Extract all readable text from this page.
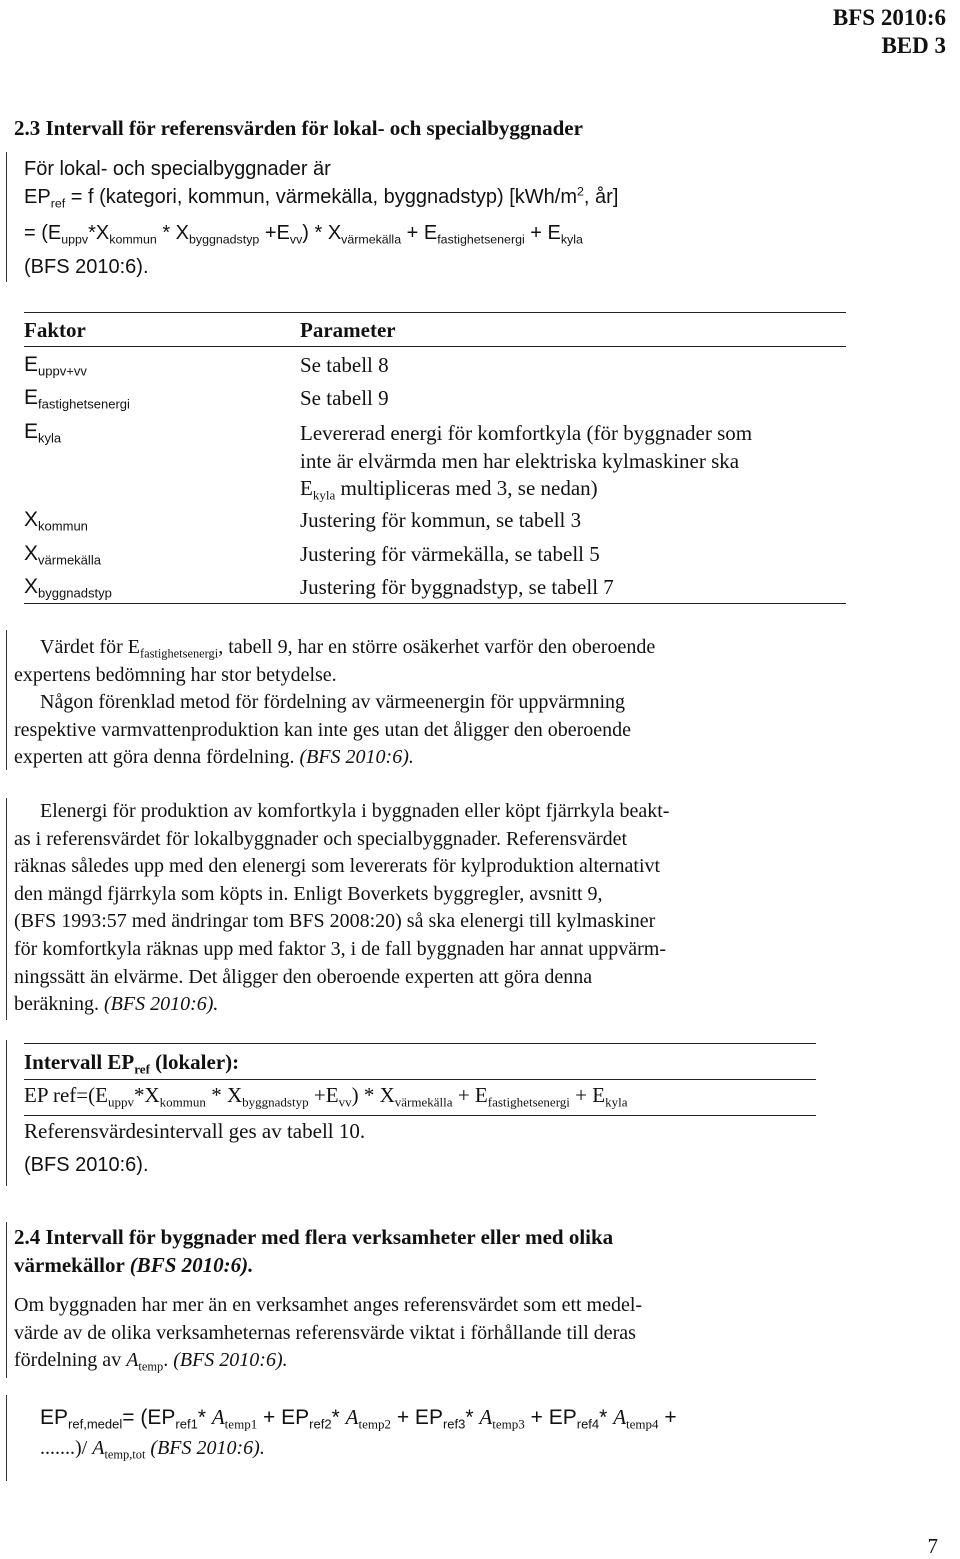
BFS 2010:6
BED 3
2.3 Intervall för referensvärden för lokal- och specialbyggnader
För lokal- och specialbyggnader är
$EP_{ref} = f$ (kategori, kommun, värmekälla, byggnadstyp) [$kWh/m^2$, år]
= $(E_{uppv}*X_{kommun} * X_{byggnadstyp} +E_{vv}) * X_{värmekälla} + E_{fastighetsenergi} + E_{kyla}$
(BFS 2010:6).
Faktor	Parameter
$E_{uppv+vv}$	Se tabell 8
$E_{fastighetsenergi}$	Se tabell 9
$E_{kyla}$	Levererad energi för komfortkyla (för byggnader som
inte är elvärmda men har elektriska kylmaskiner ska
$E_{kyla}$ multipliceras med 3, se nedan)
$X_{kommun}$	Justering för kommun, se tabell 3
$X_{värmekälla}$	Justering för värmekälla, se tabell 5
$X_{byggnadstyp}$	Justering för byggnadstyp, se tabell 7
Värdet för $E_{fastighetsenergi}$, tabell 9, har en större osäkerhet varför den oberoende
expertens bedömning har stor betydelse.
Någon förenklad metod för fördelning av värmeenergin för uppvärmning
respektive varmvattenproduktion kan inte ges utan det åligger den oberoende
experten att göra denna fördelning. (BFS 2010:6).
Elenergi för produktion av komfortkyla i byggnaden eller köpt fjärrkyla beakt-
as i referensvärdet för lokalbyggnader och specialbyggnader. Referensvärdet
räknas således upp med den elenergi som levererats för kylproduktion alternativt
den mängd fjärrkyla som köpts in. Enligt Boverkets byggregler, avsnitt 9,
(BFS 1993:57 med ändringar tom BFS 2008:20) så ska elenergi till kylmaskiner
för komfortkyla räknas upp med faktor 3, i de fall byggnaden har annat uppvärm-
ningssätt än elvärme. Det åligger den oberoende experten att göra denna
beräkning. (BFS 2010:6).
Intervall $EP_{ref}$ (lokaler):
EP $ref=(E_{uppv}*X_{kommun} * X_{byggnadstyp} +E_{vv}) * X_{värmekälla} + E_{fastighetsenergi} + E_{kyla}$
Referensvärdesintervall ges av tabell 10.
(BFS 2010:6).
2.4 Intervall för byggnader med flera verksamheter eller med olika
värmekällor (BFS 2010:6).
Om byggnaden har mer än en verksamhet anges referensvärdet som ett medel-
värde av de olika verksamheternas referensvärde viktat i förhållande till deras
fördelning av $A_{temp}$. (BFS 2010:6).
$EP_{ref,medel}= (EP_{ref1}*$ $A_{temp1} + EP_{ref2}*$ $A_{temp2} + EP_{ref3}*$ $A_{temp3} + EP_{ref4}*$ $A_{temp4}$ +
.......)/ $A_{temp,tot}$ (BFS 2010:6).
7
